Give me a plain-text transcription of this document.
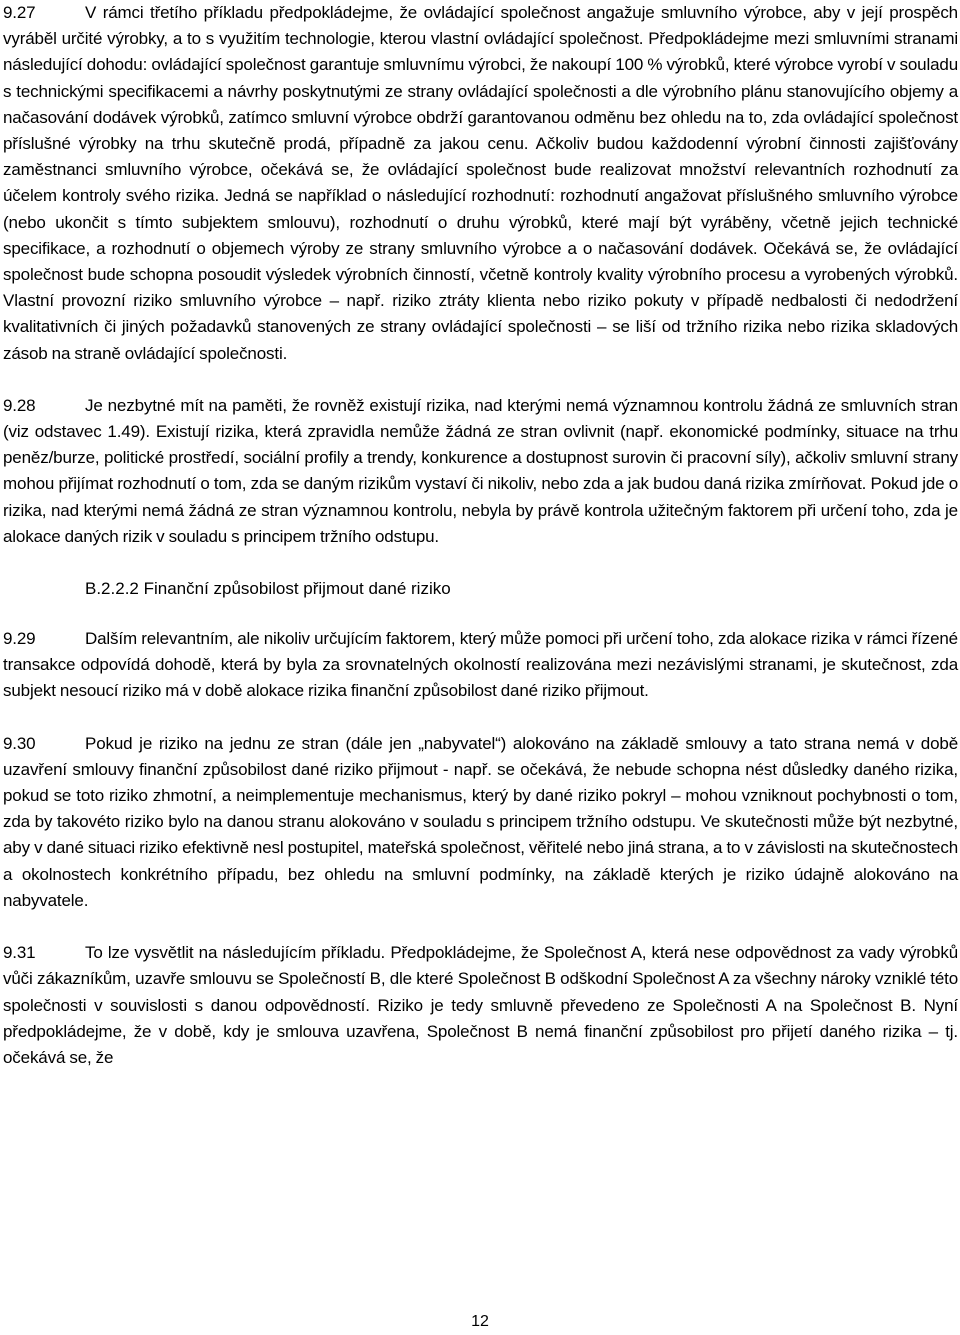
9.27	V rámci třetího příkladu předpokládejme, že ovládající společnost angažuje smluvního výrobce, aby v její prospěch vyráběl určité výrobky, a to s využitím technologie, kterou vlastní ovládající společnost. Předpokládejme mezi smluvními stranami následující dohodu: ovládající společnost garantuje smluvnímu výrobci, že nakoupí 100 % výrobků, které výrobce vyrobí v souladu s technickými specifikacemi a návrhy poskytnutými ze strany ovládající společnosti a dle výrobního plánu stanovujícího objemy a načasování dodávek výrobků, zatímco smluvní výrobce obdrží garantovanou odměnu bez ohledu na to, zda ovládající společnost příslušné výrobky na trhu skutečně prodá, případně za jakou cenu. Ačkoliv budou každodenní výrobní činnosti zajišťovány zaměstnanci smluvního výrobce, očekává se, že ovládající společnost bude realizovat množství relevantních rozhodnutí za účelem kontroly svého rizika. Jedná se například o následující rozhodnutí: rozhodnutí angažovat příslušného smluvního výrobce (nebo ukončit s tímto subjektem smlouvu), rozhodnutí o druhu výrobků, které mají být vyráběny, včetně jejich technické specifikace, a rozhodnutí o objemech výroby ze strany smluvního výrobce a o načasování dodávek. Očekává se, že ovládající společnost bude schopna posoudit výsledek výrobních činností, včetně kontroly kvality výrobního procesu a vyrobených výrobků. Vlastní provozní riziko smluvního výrobce – např. riziko ztráty klienta nebo riziko pokuty v případě nedbalosti či nedodržení kvalitativních či jiných požadavků stanovených ze strany ovládající společnosti – se liší od tržního rizika nebo rizika skladových zásob na straně ovládající společnosti.

9.28	Je nezbytné mít na paměti, že rovněž existují rizika, nad kterými nemá významnou kontrolu žádná ze smluvních stran (viz odstavec 1.49). Existují rizika, která zpravidla nemůže žádná ze stran ovlivnit (např. ekonomické podmínky, situace na trhu peněz/burze, politické prostředí, sociální profily a trendy, konkurence a dostupnost surovin či pracovní síly), ačkoliv smluvní strany mohou přijímat rozhodnutí o tom, zda se daným rizikům vystaví či nikoliv, nebo zda a jak budou daná rizika zmírňovat. Pokud jde o rizika, nad kterými nemá žádná ze stran významnou kontrolu, nebyla by právě kontrola užitečným faktorem při určení toho, zda je alokace daných rizik v souladu s principem tržního odstupu.

B.2.2.2 Finanční způsobilost přijmout dané riziko

9.29	Dalším relevantním, ale nikoliv určujícím faktorem, který může pomoci při určení toho, zda alokace rizika v rámci řízené transakce odpovídá dohodě, která by byla za srovnatelných okolností realizována mezi nezávislými stranami, je skutečnost, zda subjekt nesoucí riziko má v době alokace rizika finanční způsobilost dané riziko přijmout.

9.30	Pokud je riziko na jednu ze stran (dále jen „nabyvatel“) alokováno na základě smlouvy a tato strana nemá v době uzavření smlouvy finanční způsobilost dané riziko přijmout - např. se očekává, že nebude schopna nést důsledky daného rizika, pokud se toto riziko zhmotní, a neimplementuje mechanismus, který by dané riziko pokryl – mohou vzniknout pochybnosti o tom, zda by takovéto riziko bylo na danou stranu alokováno v souladu s principem tržního odstupu. Ve skutečnosti může být nezbytné, aby v dané situaci riziko efektivně nesl postupitel, mateřská společnost, věřitelé nebo jiná strana, a to v závislosti na skutečnostech a okolnostech konkrétního případu, bez ohledu na smluvní podmínky, na základě kterých je riziko údajně alokováno na nabyvatele.

9.31	To lze vysvětlit na následujícím příkladu. Předpokládejme, že Společnost A, která nese odpovědnost za vady výrobků vůči zákazníkům, uzavře smlouvu se Společností B, dle které Společnost B odškodní Společnost A za všechny nároky vzniklé této společnosti v souvislosti s danou odpovědností. Riziko je tedy smluvně převedeno ze Společnosti A na Společnost B. Nyní předpokládejme, že v době, kdy je smlouva uzavřena, Společnost B nemá finanční způsobilost pro přijetí daného rizika – tj. očekává se, že

12
